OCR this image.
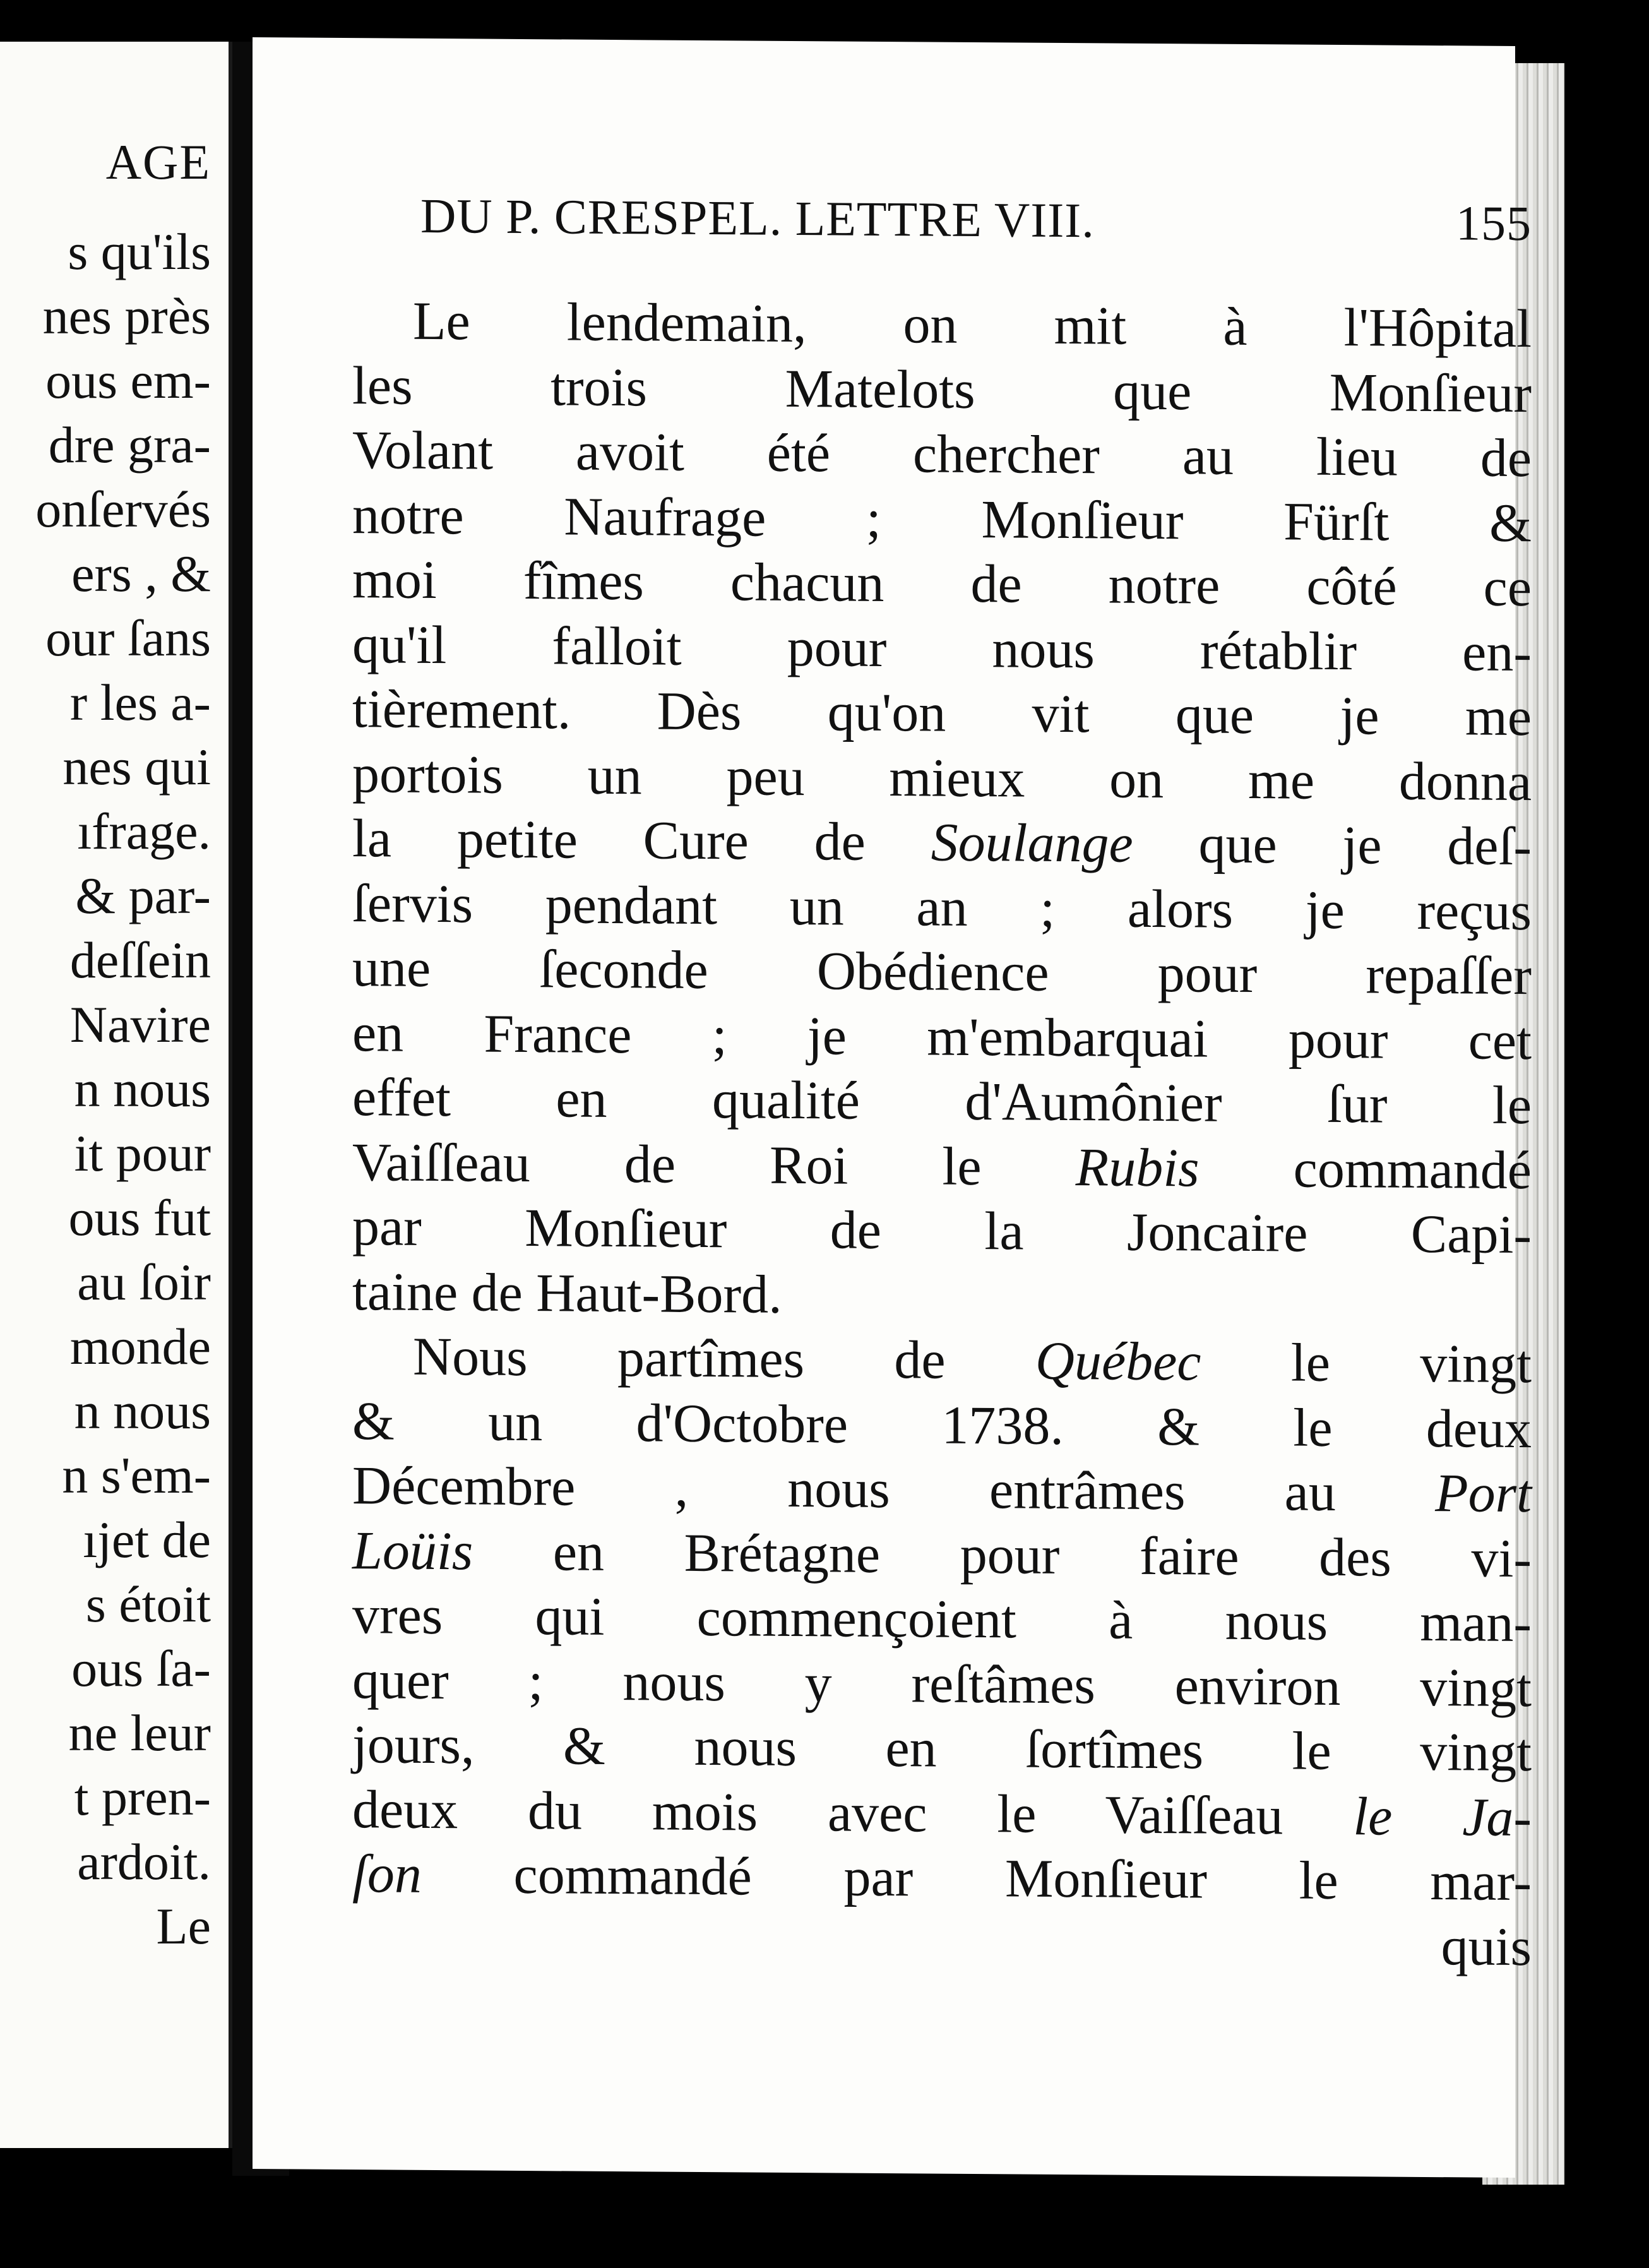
AGE
s qu'ils
nes près
ous em-
dre gra-
onſervés
ers , &
our ſans
r les a-
nes qui
ıfrage.
& par-
deſſein
Navire
n nous
it pour
ous fut
au ſoir
monde
n nous
n s'em-
ıjet de
s étoit
ous ſa-
ne leur
t pren-
ardoit.
Le
DU P. CRESPEL. LETTRE VIII.	155
Le lendemain, on mit à l'Hôpital
les trois Matelots que Monſieur
Volant avoit été chercher au lieu de
notre Naufrage ; Monſieur Fürſt &
moi fîmes chacun de notre côté ce
qu'il falloit pour nous rétablir en-
tièrement. Dès qu'on vit que je me
portois un peu mieux on me donna
la petite Cure de Soulange que je deſ-
ſervis pendant un an ; alors je reçus
une ſeconde Obédience pour repaſſer
en France ; je m'embarquai pour cet
effet en qualité d'Aumônier ſur le
Vaiſſeau de Roi le Rubis commandé
par Monſieur de la Joncaire Capi-
taine de Haut-Bord.
Nous partîmes de Québec le vingt
& un d'Octobre 1738. & le deux
Décembre , nous entrâmes au Port
Loüis en Brétagne pour faire des vi-
vres qui commençoient à nous man-
quer ; nous y reſtâmes environ vingt
jours, & nous en ſortîmes le vingt
deux du mois avec le Vaiſſeau le Ja-
ſon commandé par Monſieur le mar-
quis
